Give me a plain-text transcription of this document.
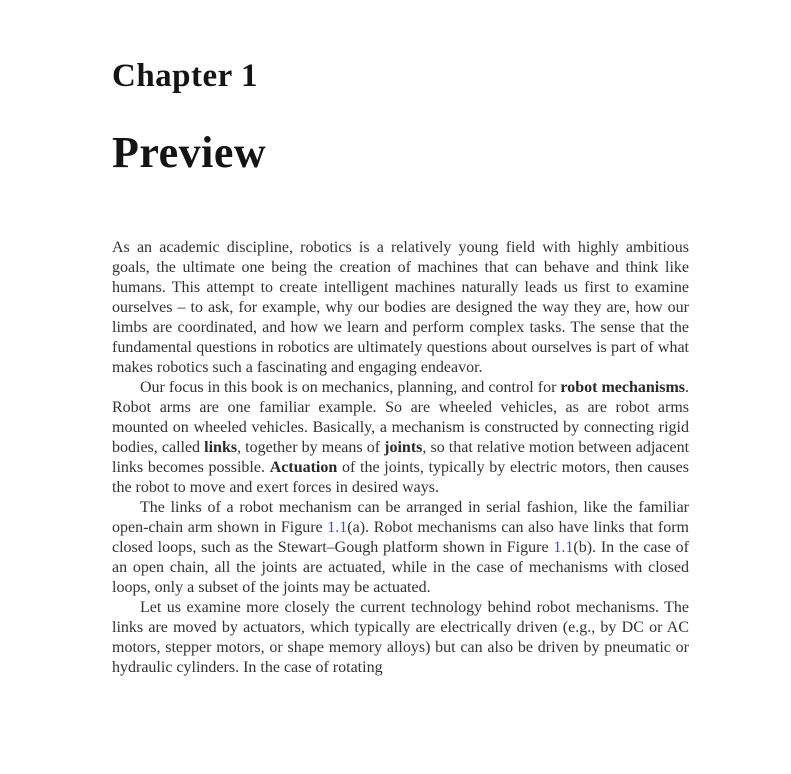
Chapter 1
Preview

As an academic discipline, robotics is a relatively young field with highly ambitious goals, the ultimate one being the creation of machines that can behave and think like humans. This attempt to create intelligent machines naturally leads us first to examine ourselves – to ask, for example, why our bodies are designed the way they are, how our limbs are coordinated, and how we learn and perform complex tasks. The sense that the fundamental questions in robotics are ultimately questions about ourselves is part of what makes robotics such a fascinating and engaging endeavor.

Our focus in this book is on mechanics, planning, and control for robot mechanisms. Robot arms are one familiar example. So are wheeled vehicles, as are robot arms mounted on wheeled vehicles. Basically, a mechanism is constructed by connecting rigid bodies, called links, together by means of joints, so that relative motion between adjacent links becomes possible. Actuation of the joints, typically by electric motors, then causes the robot to move and exert forces in desired ways.

The links of a robot mechanism can be arranged in serial fashion, like the familiar open-chain arm shown in Figure 1.1(a). Robot mechanisms can also have links that form closed loops, such as the Stewart–Gough platform shown in Figure 1.1(b). In the case of an open chain, all the joints are actuated, while in the case of mechanisms with closed loops, only a subset of the joints may be actuated.

Let us examine more closely the current technology behind robot mechanisms. The links are moved by actuators, which typically are electrically driven (e.g., by DC or AC motors, stepper motors, or shape memory alloys) but can also be driven by pneumatic or hydraulic cylinders. In the case of rotating
